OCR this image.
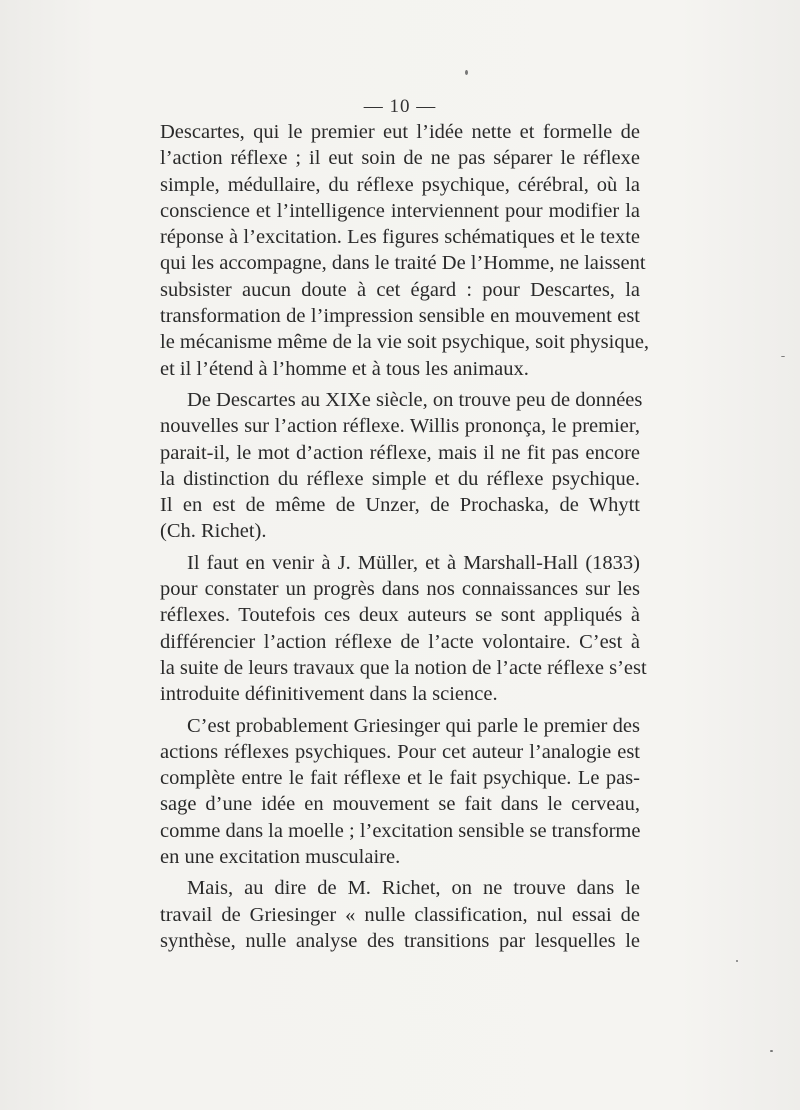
— 10 —
Descartes, qui le premier eut l’idée nette et formelle de
l’action réflexe ; il eut soin de ne pas séparer le réflexe
simple, médullaire, du réflexe psychique, cérébral, où la
conscience et l’intelligence interviennent pour modifier la
réponse à l’excitation. Les figures schématiques et le texte
qui les accompagne, dans le traité De l’Homme, ne laissent
subsister aucun doute à cet égard : pour Descartes, la
transformation de l’impression sensible en mouvement est
le mécanisme même de la vie soit psychique, soit physique,
et il l’étend à l’homme et à tous les animaux.
De Descartes au XIXe siècle, on trouve peu de données
nouvelles sur l’action réflexe. Willis prononça, le premier,
parait-il, le mot d’action réflexe, mais il ne fit pas encore
la distinction du réflexe simple et du réflexe psychique.
Il en est de même de Unzer, de Prochaska, de Whytt
(Ch. Richet).
Il faut en venir à J. Müller, et à Marshall-Hall (1833)
pour constater un progrès dans nos connaissances sur les
réflexes. Toutefois ces deux auteurs se sont appliqués à
différencier l’action réflexe de l’acte volontaire. C’est à
la suite de leurs travaux que la notion de l’acte réflexe s’est
introduite définitivement dans la science.
C’est probablement Griesinger qui parle le premier des
actions réflexes psychiques. Pour cet auteur l’analogie est
complète entre le fait réflexe et le fait psychique. Le pas-
sage d’une idée en mouvement se fait dans le cerveau,
comme dans la moelle ; l’excitation sensible se transforme
en une excitation musculaire.
Mais, au dire de M. Richet, on ne trouve dans le
travail de Griesinger « nulle classification, nul essai de
synthèse, nulle analyse des transitions par lesquelles le
